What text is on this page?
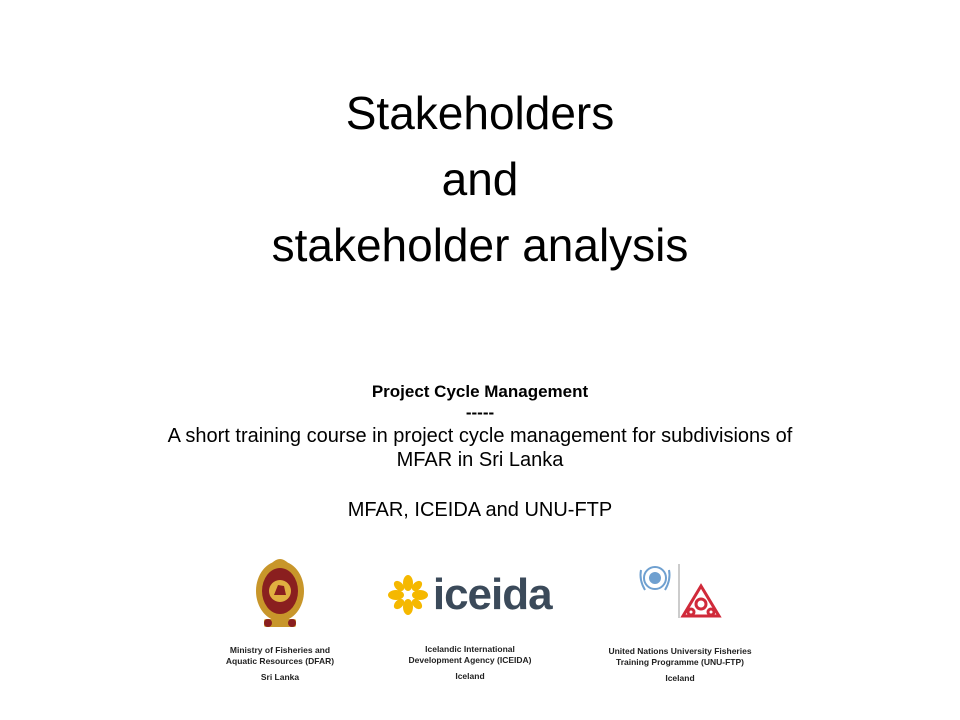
Stakeholders
and
stakeholder analysis
Project Cycle Management
-----
A short training course in project cycle management for subdivisions of MFAR in Sri Lanka
MFAR, ICEIDA and UNU-FTP
Ministry of Fisheries and
Aquatic Resources (DFAR)
Sri Lanka
iceida
Icelandic International
Development Agency (ICEIDA)
Iceland
United Nations University Fisheries
Training Programme (UNU-FTP)
Iceland
